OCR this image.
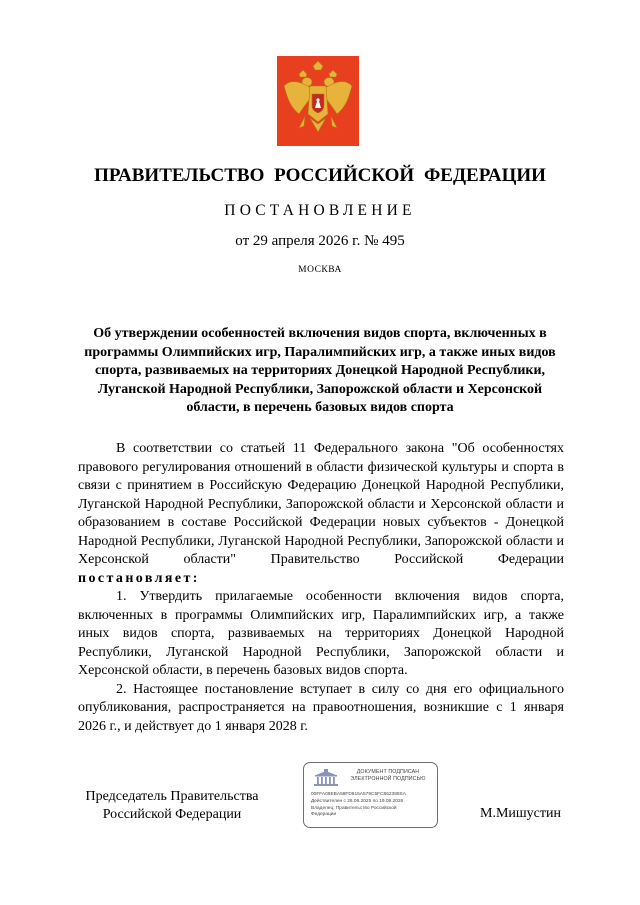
ПРАВИТЕЛЬСТВО РОССИЙСКОЙ ФЕДЕРАЦИИ
ПОСТАНОВЛЕНИЕ
от 29 апреля 2026 г. № 495
МОСКВА
Об утверждении особенностей включения видов спорта, включенных в программы Олимпийских игр, Паралимпийских игр, а также иных видов спорта, развиваемых на территориях Донецкой Народной Республики, Луганской Народной Республики, Запорожской области и Херсонской области, в перечень базовых видов спорта

В соответствии со статьей 11 Федерального закона "Об особенностях правового регулирования отношений в области физической культуры и спорта в связи с принятием в Российскую Федерацию Донецкой Народной Республики, Луганской Народной Республики, Запорожской области и Херсонской области и образованием в составе Российской Федерации новых субъектов - Донецкой Народной Республики, Луганской Народной Республики, Запорожской области и Херсонской области" Правительство Российской Федерации постановляет:

1. Утвердить прилагаемые особенности включения видов спорта, включенных в программы Олимпийских игр, Паралимпийских игр, а также иных видов спорта, развиваемых на территориях Донецкой Народной Республики, Луганской Народной Республики, Запорожской области и Херсонской области, в перечень базовых видов спорта.

2. Настоящее постановление вступает в силу со дня его официального опубликования, распространяется на правоотношения, возникшие с 1 января 2026 г., и действует до 1 января 2028 г.

Председатель Правительства
Российской Федерации
ДОКУМЕНТ ПОДПИСАН
ЭЛЕКТРОННОЙ ПОДПИСЬЮ
00FFA09EBA58FD915A579C5FC862388SA
Действителен с 26.06.2025 по 19.09.2026
Владелец: Правительство Российской
Федерации	М.Мишустин
